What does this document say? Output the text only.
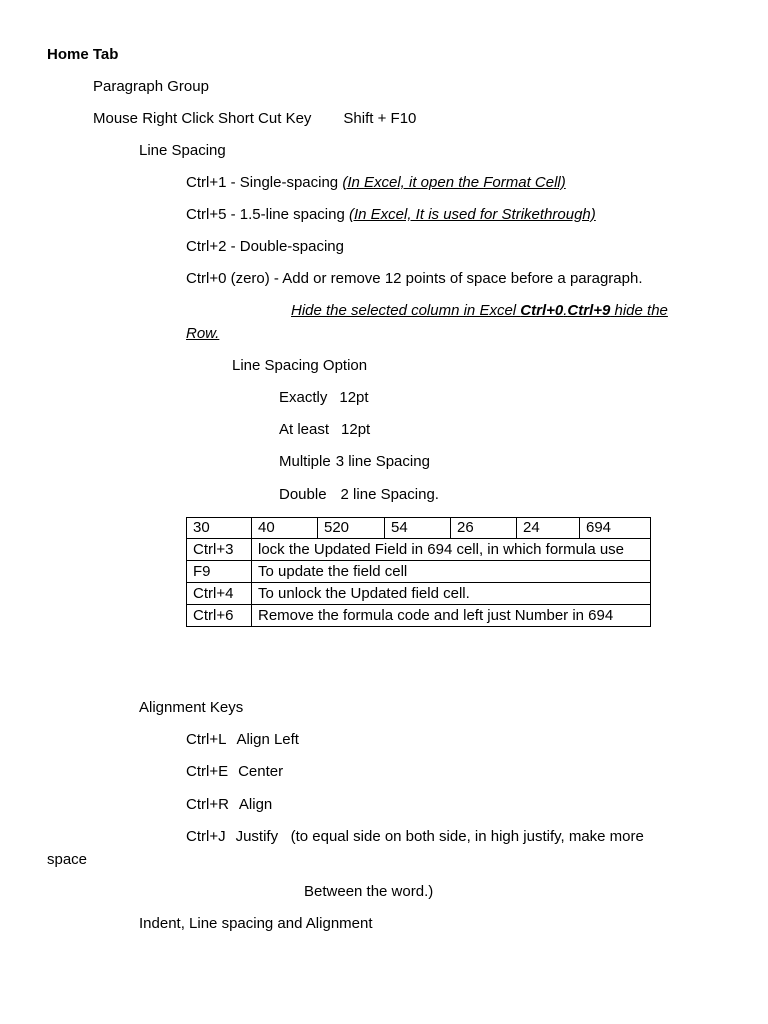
Home Tab
Paragraph Group
Mouse Right Click Short Cut Key Shift + F10
Line Spacing
Ctrl+1 - Single-spacing (In Excel, it open the Format Cell)
Ctrl+5 - 1.5-line spacing (In Excel, It is used for Strikethrough)
Ctrl+2 - Double-spacing
Ctrl+0 (zero) - Add or remove 12 points of space before a paragraph.
Hide the selected column in Excel Ctrl+0.Ctrl+9 hide the
Row.
Line Spacing Option
Exactly 12pt
At least 12pt
Multiple 3 line Spacing
Double 2 line Spacing.
30	40	520	54	26	24	694
Ctrl+3	lock the Updated Field in 694 cell, in which formula use					
F9	To update the field cell					
Ctrl+4	To unlock the Updated field cell.					
Ctrl+6	Remove the formula code and left just Number in 694					
Alignment Keys
Ctrl+L Align Left
Ctrl+E Center
Ctrl+R Align
Ctrl+J Justify   (to equal side on both side, in high justify, make more
space
Between the word.)
Indent, Line spacing and Alignment
